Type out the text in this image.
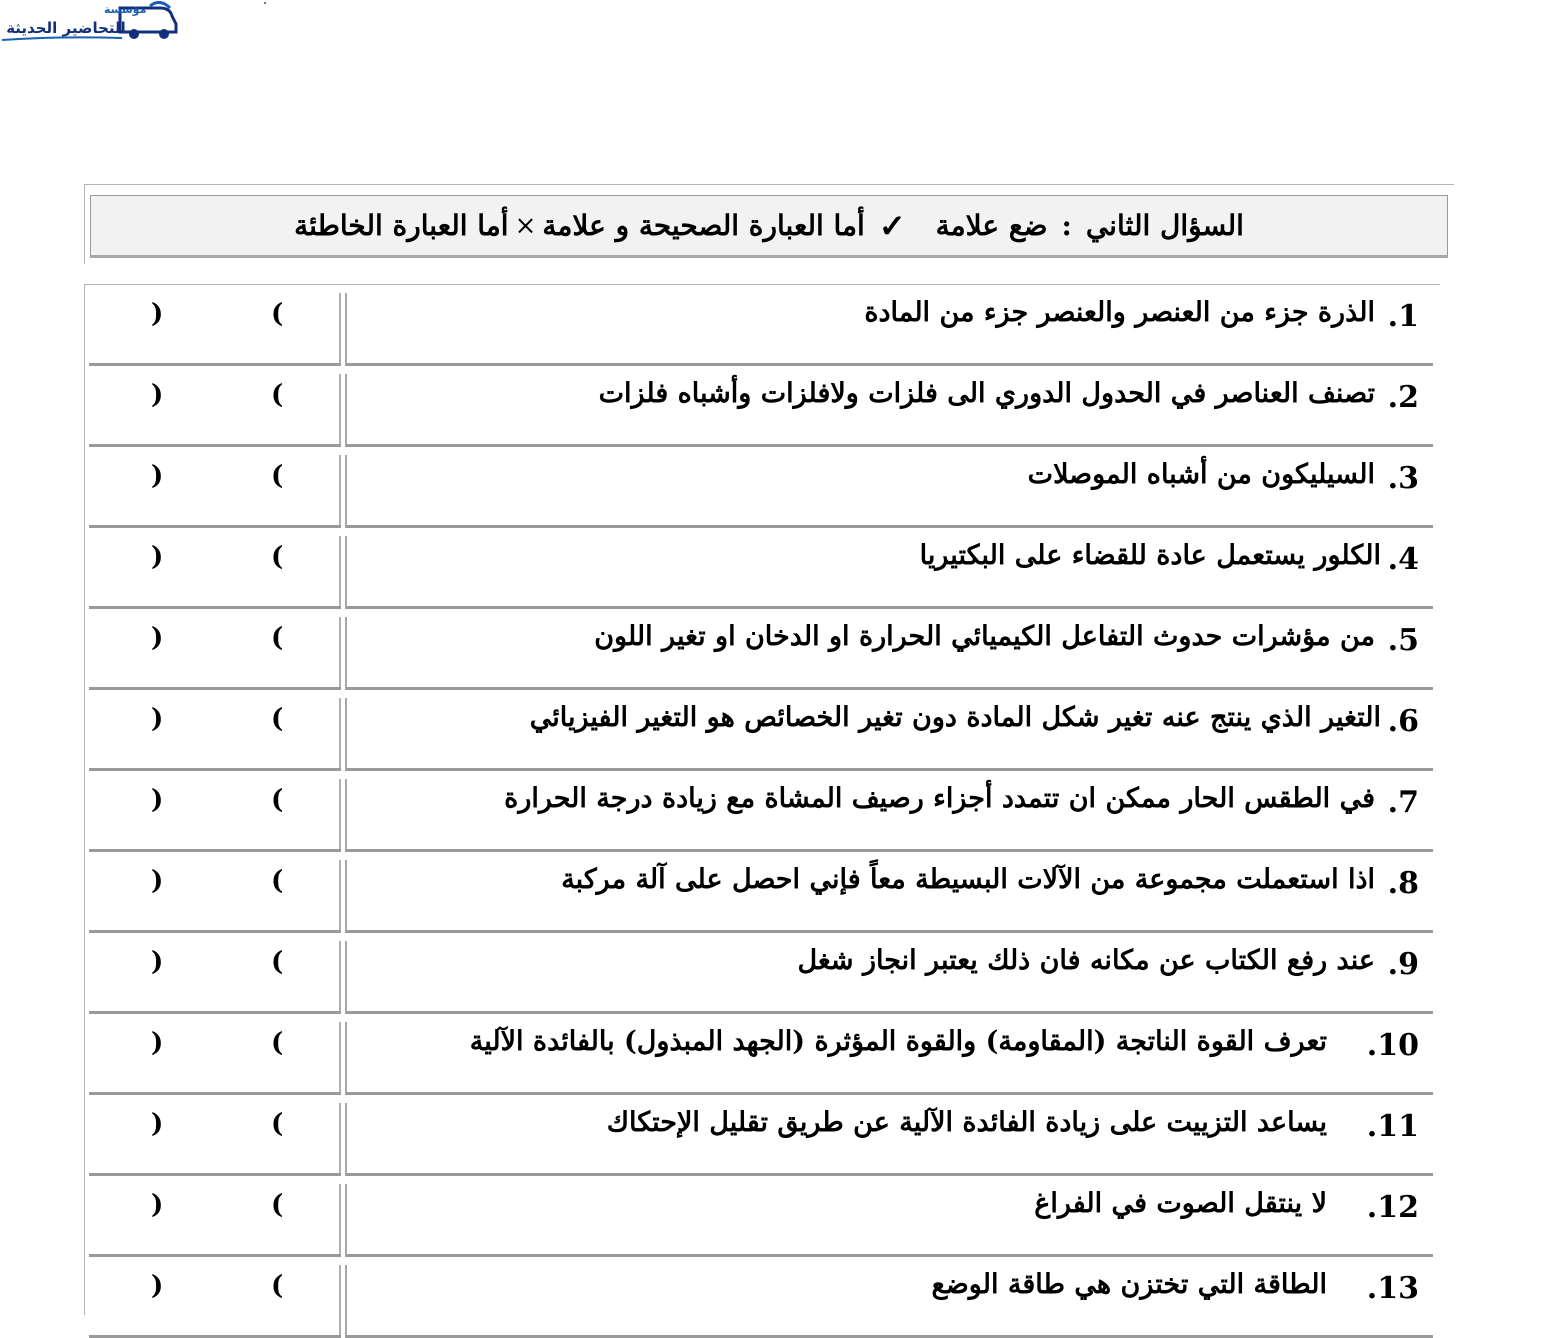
مؤسسة
التحاضير الحديثة
السؤال الثاني
:
ضع علامة
✓
أما العبارة الصحيحة و علامة
×
أما العبارة الخاطئة
.1
الذرة جزء من العنصر والعنصر جزء من المادة
(
)
.2
تصنف العناصر في الحدول الدوري الى فلزات ولافلزات وأشباه فلزات
(
)
.3
السيليكون من أشباه الموصلات
(
)
.4
الكلور يستعمل عادة للقضاء على البكتيريا
(
)
.5
من مؤشرات حدوث التفاعل الكيميائي الحرارة او الدخان او تغير اللون
(
)
.6
التغير الذي ينتج عنه تغير شكل المادة دون تغير الخصائص هو التغير الفيزيائي
(
)
.7
في الطقس الحار ممكن ان تتمدد أجزاء رصيف المشاة مع زيادة درجة الحرارة
(
)
.8
اذا استعملت مجموعة من الآلات البسيطة معاً فإني احصل على آلة مركبة
(
)
.9
عند رفع الكتاب عن مكانه فان ذلك يعتبر انجاز شغل
(
)
.10
تعرف القوة الناتجة (المقاومة) والقوة المؤثرة (الجهد المبذول) بالفائدة الآلية
(
)
.11
يساعد التزييت على زيادة الفائدة الآلية عن طريق تقليل الإحتكاك
(
)
.12
لا ينتقل الصوت في الفراغ
(
)
.13
الطاقة التي تختزن هي طاقة الوضع
(
)
